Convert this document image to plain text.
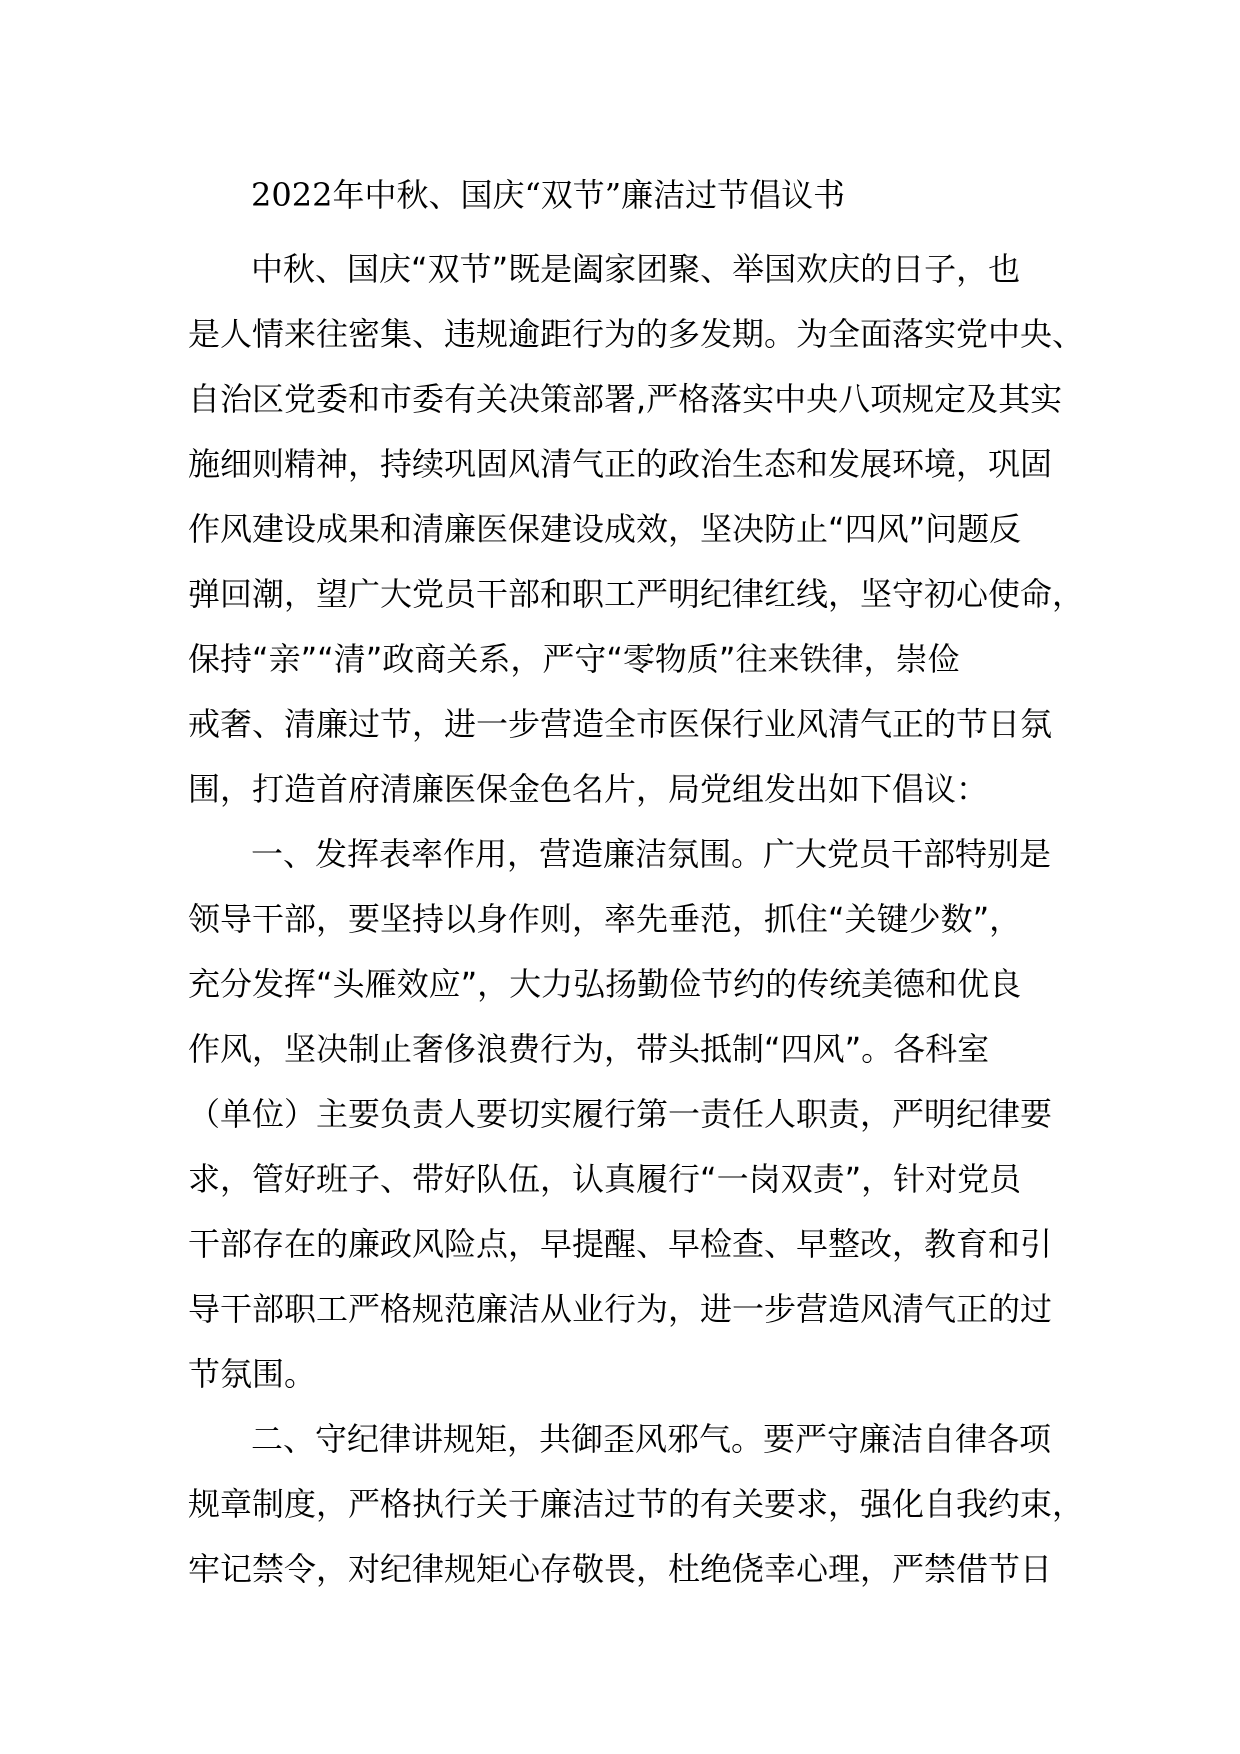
2022年中秋、国庆“双节”廉洁过节倡议书

中秋、国庆“双节”既是阖家团聚、举国欢庆的日子，也
是人情来往密集、违规逾距行为的多发期。为全面落实党中央、
自治区党委和市委有关决策部署,严格落实中央八项规定及其实
施细则精神，持续巩固风清气正的政治生态和发展环境，巩固
作风建设成果和清廉医保建设成效，坚决防止“四风”问题反
弹回潮，望广大党员干部和职工严明纪律红线，坚守初心使命，
保持“亲”“清”政商关系，严守“零物质”往来铁律，崇俭
戒奢、清廉过节，进一步营造全市医保行业风清气正的节日氛
围，打造首府清廉医保金色名片，局党组发出如下倡议：

一、发挥表率作用，营造廉洁氛围。广大党员干部特别是
领导干部，要坚持以身作则，率先垂范，抓住“关键少数”，
充分发挥“头雁效应”，大力弘扬勤俭节约的传统美德和优良
作风，坚决制止奢侈浪费行为，带头抵制“四风”。各科室
（单位）主要负责人要切实履行第一责任人职责，严明纪律要
求，管好班子、带好队伍，认真履行“一岗双责”，针对党员
干部存在的廉政风险点，早提醒、早检查、早整改，教育和引
导干部职工严格规范廉洁从业行为，进一步营造风清气正的过
节氛围。

二、守纪律讲规矩，共御歪风邪气。要严守廉洁自律各项
规章制度，严格执行关于廉洁过节的有关要求，强化自我约束，
牢记禁令，对纪律规矩心存敬畏，杜绝侥幸心理，严禁借节日
